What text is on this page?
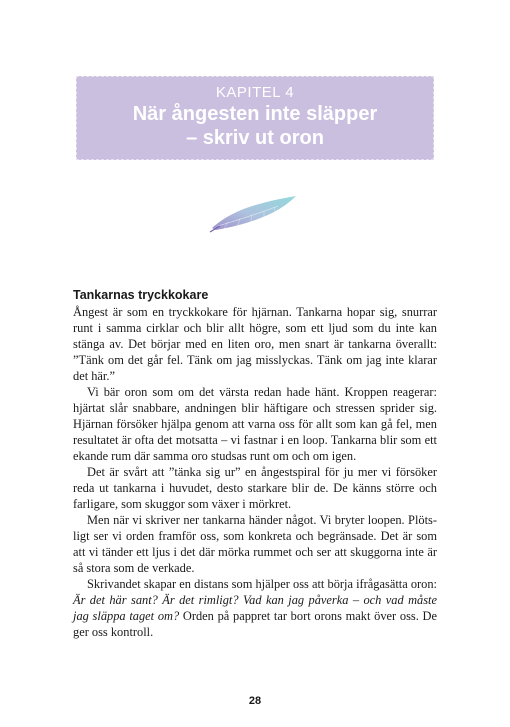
KAPITEL 4
När ångesten inte släpper
– skriv ut oron
Tankarnas tryckkokare

Ångest är som en tryckkokare för hjärnan. Tankarna hopar sig, snurrar runt i samma cirklar och blir allt högre, som ett ljud som du inte kan stänga av. Det börjar med en liten oro, men snart är tankarna överallt: ”Tänk om det går fel. Tänk om jag misslyckas. Tänk om jag inte klarar det här.”

Vi bär oron som om det värsta redan hade hänt. Kroppen reagerar: hjärtat slår snabbare, andningen blir häftigare och stressen sprider sig. Hjärnan försöker hjälpa genom att varna oss för allt som kan gå fel, men resultatet är ofta det motsatta – vi fastnar i en loop. Tankarna blir som ett ekande rum där samma oro studsas runt om och om igen.

Det är svårt att ”tänka sig ur” en ångestspiral för ju mer vi försöker reda ut tankarna i huvudet, desto starkare blir de. De känns större och farligare, som skuggor som växer i mörkret.

Men när vi skriver ner tankarna händer något. Vi bryter loopen. Plötsligt ser vi orden framför oss, som konkreta och begränsade. Det är som att vi tänder ett ljus i det där mörka rummet och ser att skuggorna inte är så stora som de verkade.

Skrivandet skapar en distans som hjälper oss att börja ifrågasätta oron: Är det här sant? Är det rimligt? Vad kan jag påverka – och vad måste jag släppa taget om? Orden på pappret tar bort orons makt över oss. De ger oss kontroll.

28
